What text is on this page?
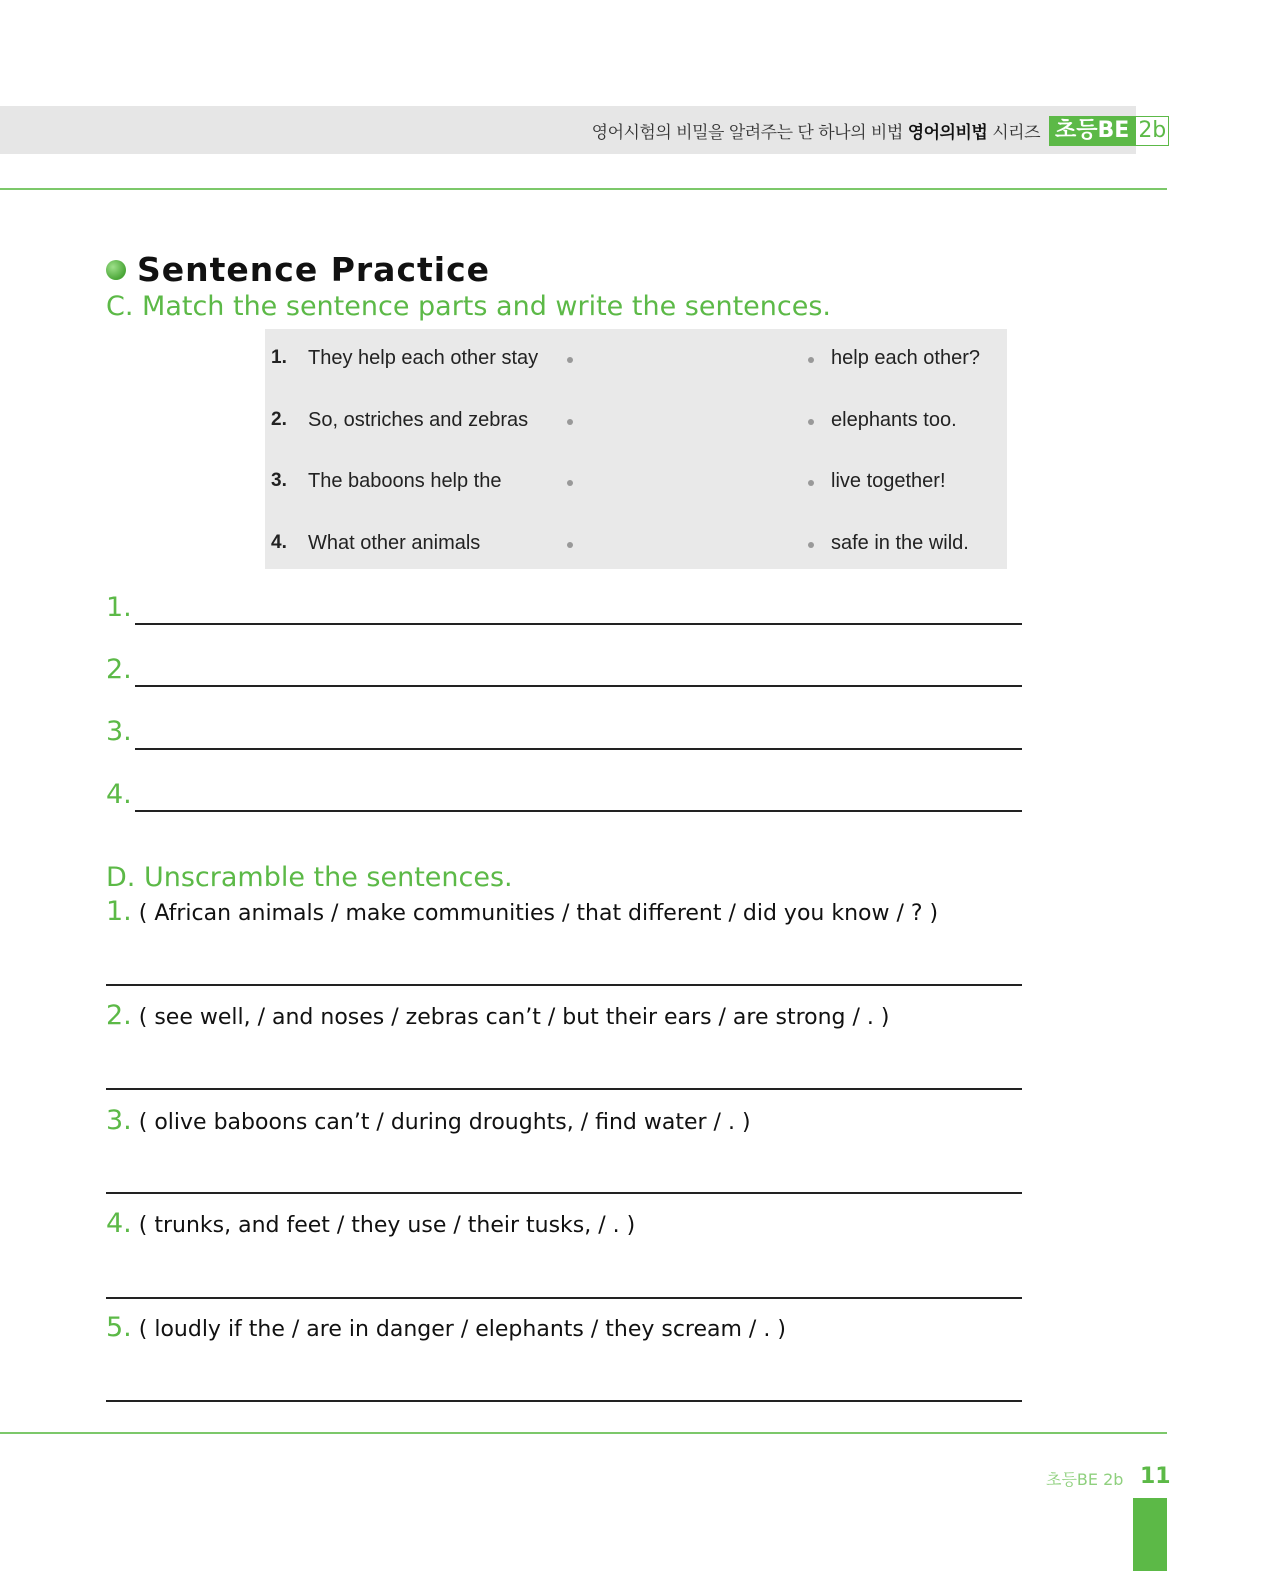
영어시험의 비밀을 알려주는 단 하나의 비법 영어의비법 시리즈 초등BE 2b
Sentence Practice
C. Match the sentence parts and write the sentences.
1. They help each other stay	help each other?
2. So, ostriches and zebras	elephants too.
3. The baboons help the	live together!
4. What other animals	safe in the wild.
1.
2.
3.
4.
D. Unscramble the sentences.
1. ( African animals / make communities / that different / did you know / ? )
2. ( see well, / and noses / zebras can’t / but their ears / are strong / . )
3. ( olive baboons can’t / during droughts, / find water / . )
4. ( trunks, and feet / they use / their tusks, / . )
5. ( loudly if the / are in danger / elephants / they scream / . )
초등BE 2b 11
